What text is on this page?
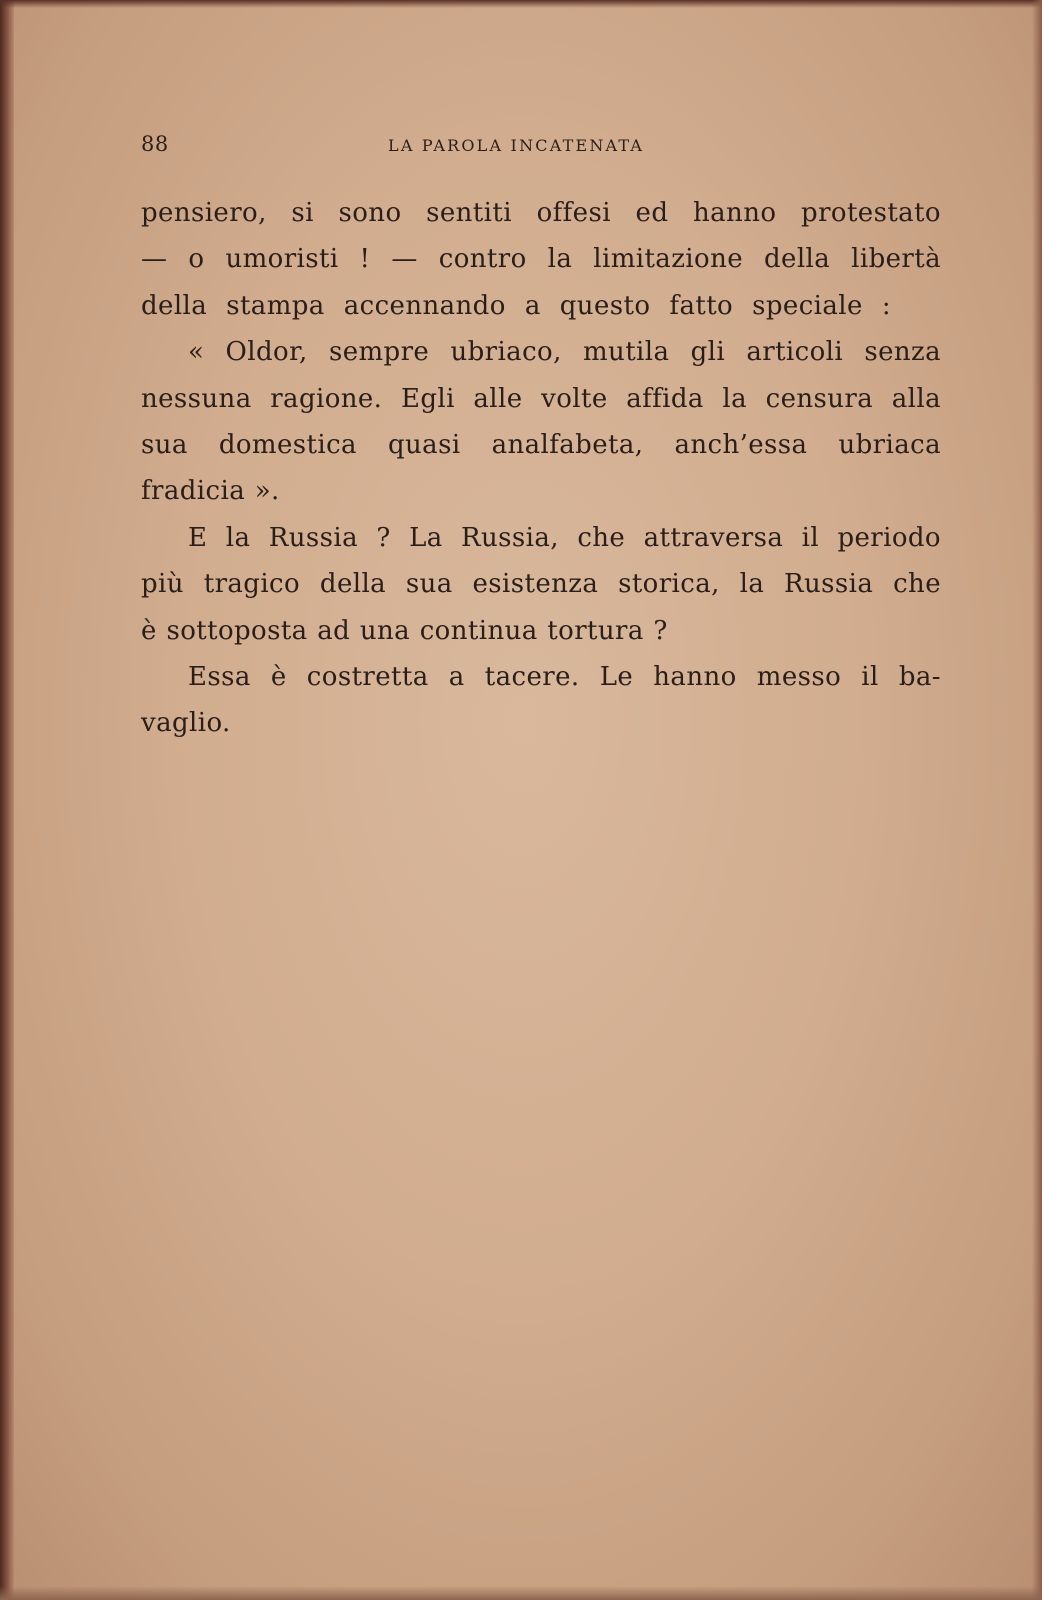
88	LA PAROLA INCATENATA
pensiero, si sono sentiti offesi ed hanno protestato
— o umoristi ! — contro la limitazione della libertà
della stampa accennando a questo fatto speciale :
« Oldor, sempre ubriaco, mutila gli articoli senza
nessuna ragione. Egli alle volte affida la censura alla
sua domestica quasi analfabeta, anch’essa ubriaca
fradicia ».
E la Russia ? La Russia, che attraversa il periodo
più tragico della sua esistenza storica, la Russia che
è sottoposta ad una continua tortura ?
Essa è costretta a tacere. Le hanno messo il ba-
vaglio.
